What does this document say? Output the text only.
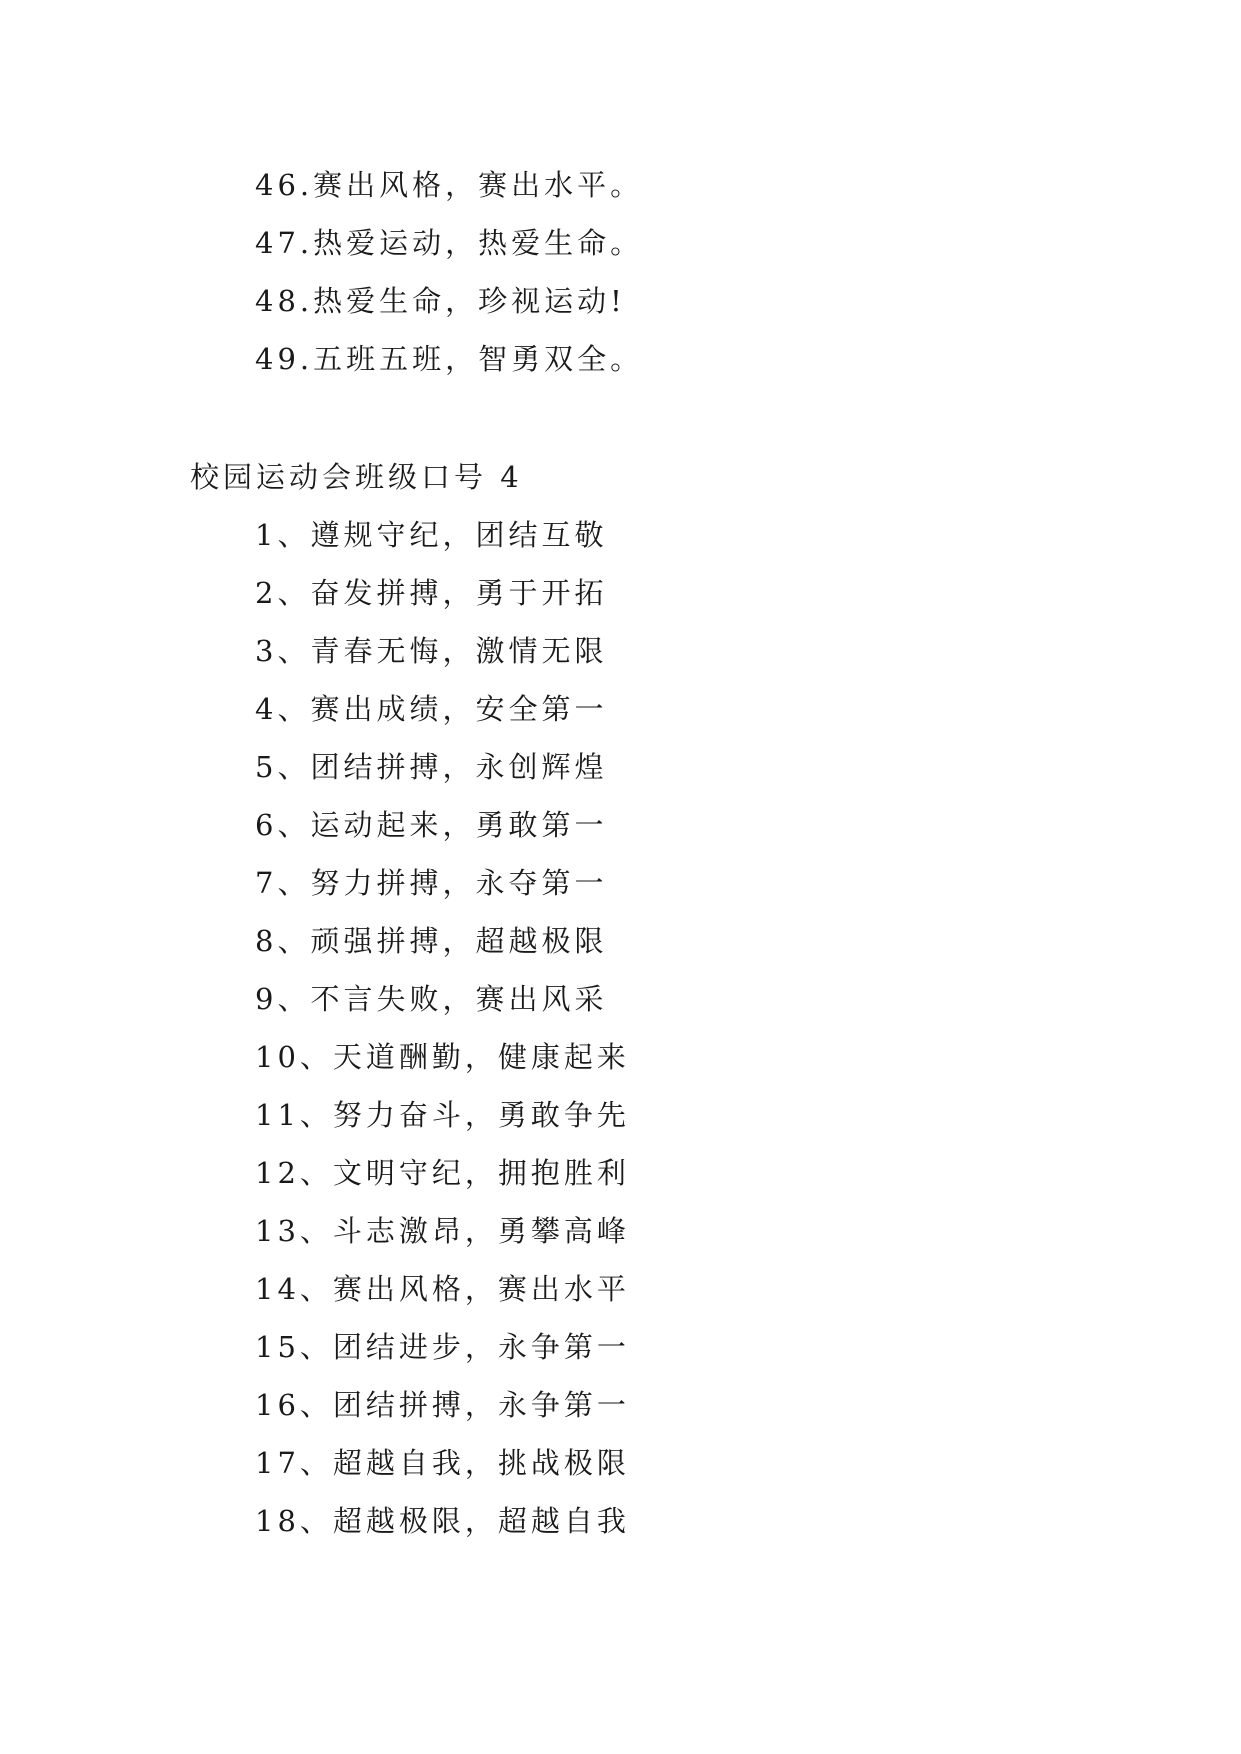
46.赛出风格，赛出水平。
47.热爱运动，热爱生命。
48.热爱生命，珍视运动!
49.五班五班，智勇双全。
校园运动会班级口号 4
1、遵规守纪，团结互敬
2、奋发拼搏，勇于开拓
3、青春无悔，激情无限
4、赛出成绩，安全第一
5、团结拼搏，永创辉煌
6、运动起来，勇敢第一
7、努力拼搏，永夺第一
8、顽强拼搏，超越极限
9、不言失败，赛出风采
10、天道酬勤，健康起来
11、努力奋斗，勇敢争先
12、文明守纪，拥抱胜利
13、斗志激昂，勇攀高峰
14、赛出风格，赛出水平
15、团结进步，永争第一
16、团结拼搏，永争第一
17、超越自我，挑战极限
18、超越极限，超越自我
